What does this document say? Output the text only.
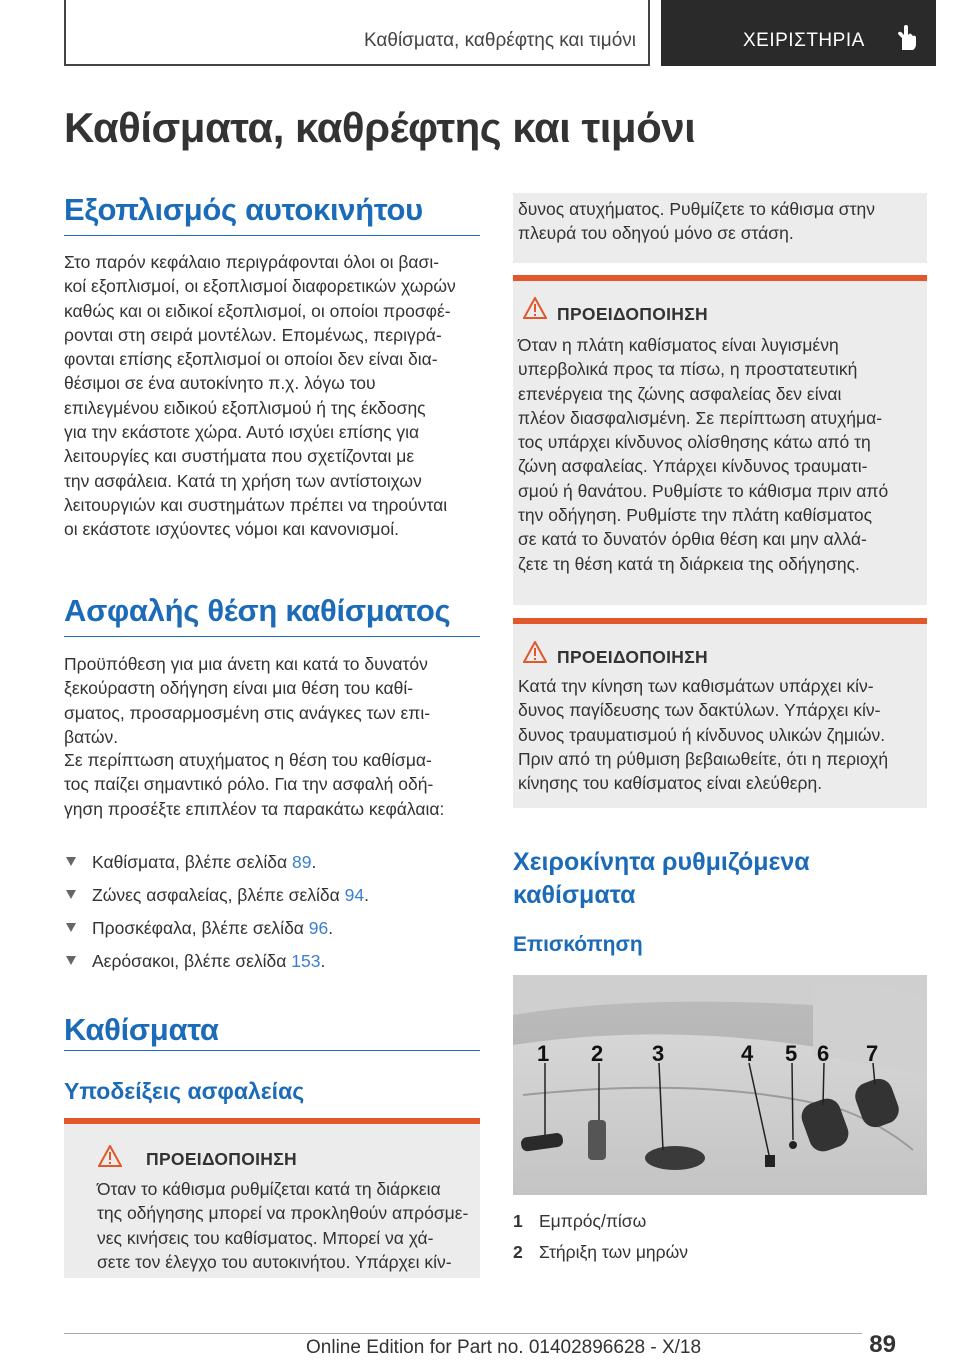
Καθίσματα, καθρέφτης και τιμόνι	ΧΕΙΡΙΣΤΗΡΙΑ
Καθίσματα, καθρέφτης και τιμόνι
Εξοπλισμός αυτοκινήτου
Στο παρόν κεφάλαιο περιγράφονται όλοι οι βασι-
κοί εξοπλισμοί, οι εξοπλισμοί διαφορετικών χωρών
καθώς και οι ειδικοί εξοπλισμοί, οι οποίοι προσφέ-
ρονται στη σειρά μοντέλων. Επομένως, περιγρά-
φονται επίσης εξοπλισμοί οι οποίοι δεν είναι δια-
θέσιμοι σε ένα αυτοκίνητο π.χ. λόγω του
επιλεγμένου ειδικού εξοπλισμού ή της έκδοσης
για την εκάστοτε χώρα. Αυτό ισχύει επίσης για
λειτουργίες και συστήματα που σχετίζονται με
την ασφάλεια. Κατά τη χρήση των αντίστοιχων
λειτουργιών και συστημάτων πρέπει να τηρούνται
οι εκάστοτε ισχύοντες νόμοι και κανονισμοί.
Ασφαλής θέση καθίσματος
Προϋπόθεση για μια άνετη και κατά το δυνατόν
ξεκούραστη οδήγηση είναι μια θέση του καθί-
σματος, προσαρμοσμένη στις ανάγκες των επι-
βατών.
Σε περίπτωση ατυχήματος η θέση του καθίσμα-
τος παίζει σημαντικό ρόλο. Για την ασφαλή οδή-
γηση προσέξτε επιπλέον τα παρακάτω κεφάλαια:
Καθίσματα, βλέπε σελίδα 89.
Ζώνες ασφαλείας, βλέπε σελίδα 94.
Προσκέφαλα, βλέπε σελίδα 96.
Αερόσακοι, βλέπε σελίδα 153.
Καθίσματα
Υποδείξεις ασφαλείας
ΠΡΟΕΙΔΟΠΟΙΗΣΗ
Όταν το κάθισμα ρυθμίζεται κατά τη διάρκεια
της οδήγησης μπορεί να προκληθούν απρόσμε-
νες κινήσεις του καθίσματος. Μπορεί να χά-
σετε τον έλεγχο του αυτοκινήτου. Υπάρχει κίν-
δυνος ατυχήματος. Ρυθμίζετε το κάθισμα στην
πλευρά του οδηγού μόνο σε στάση.
ΠΡΟΕΙΔΟΠΟΙΗΣΗ
Όταν η πλάτη καθίσματος είναι λυγισμένη
υπερβολικά προς τα πίσω, η προστατευτική
επενέργεια της ζώνης ασφαλείας δεν είναι
πλέον διασφαλισμένη. Σε περίπτωση ατυχήμα-
τος υπάρχει κίνδυνος ολίσθησης κάτω από τη
ζώνη ασφαλείας. Υπάρχει κίνδυνος τραυματι-
σμού ή θανάτου. Ρυθμίστε το κάθισμα πριν από
την οδήγηση. Ρυθμίστε την πλάτη καθίσματος
σε κατά το δυνατόν όρθια θέση και μην αλλά-
ζετε τη θέση κατά τη διάρκεια της οδήγησης.
ΠΡΟΕΙΔΟΠΟΙΗΣΗ
Κατά την κίνηση των καθισμάτων υπάρχει κίν-
δυνος παγίδευσης των δακτύλων. Υπάρχει κίν-
δυνος τραυματισμού ή κίνδυνος υλικών ζημιών.
Πριν από τη ρύθμιση βεβαιωθείτε, ότι η περιοχή
κίνησης του καθίσματος είναι ελεύθερη.
Χειροκίνητα ρυθμιζόμενα
καθίσματα
Επισκόπηση
1 2 3	4 5 6 7
1 Εμπρός/πίσω
2 Στήριξη των μηρών
89
Online Edition for Part no. 01402896628 - X/18
